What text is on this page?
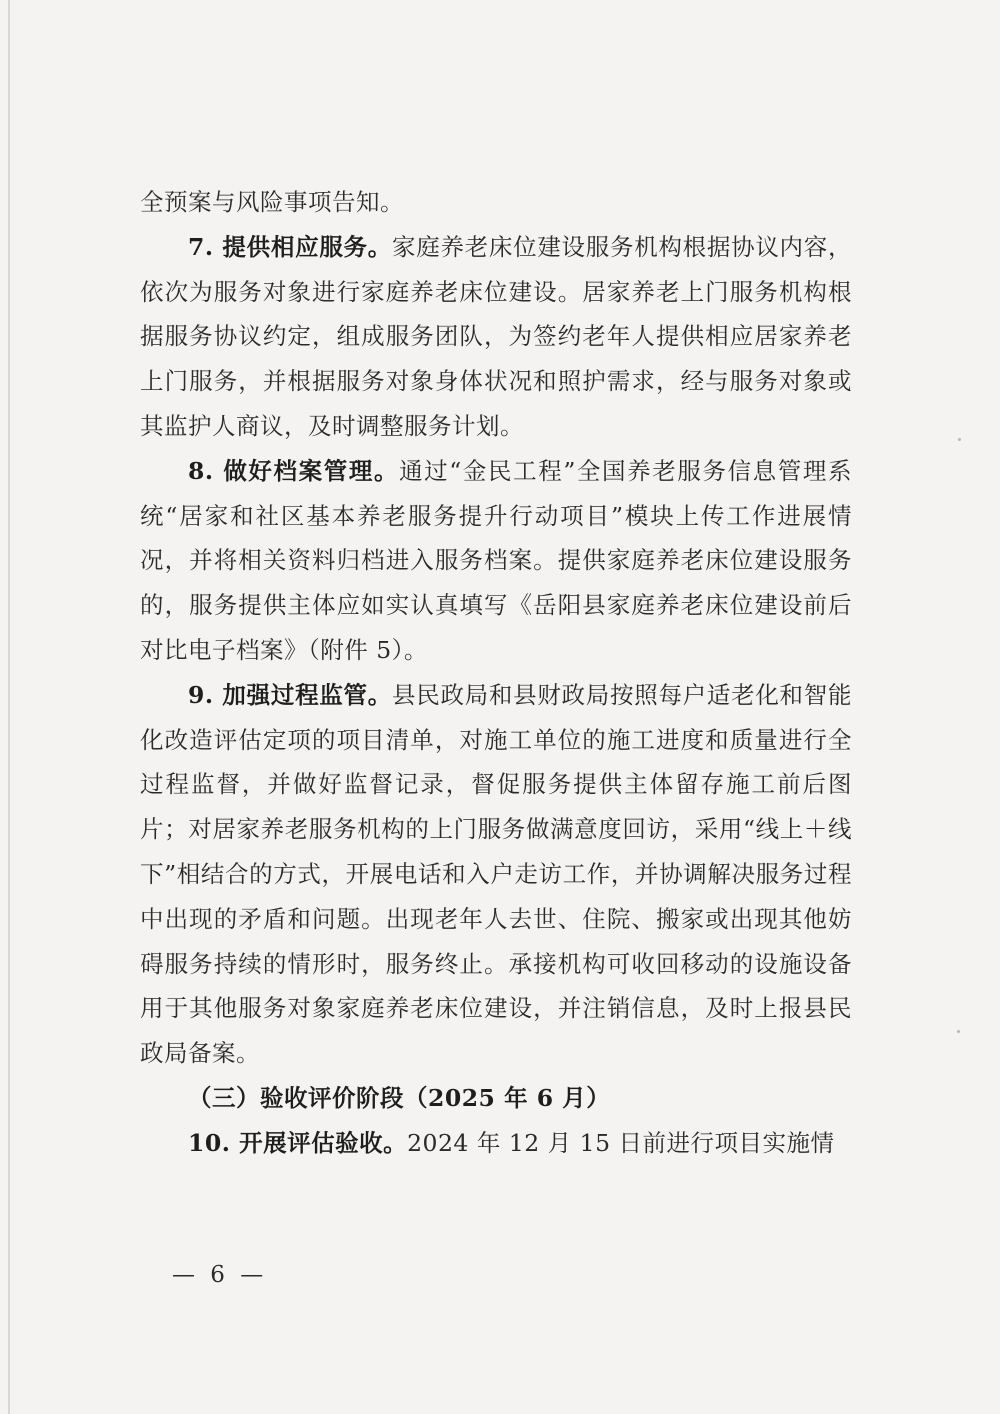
全预案与风险事项告知。

7. 提供相应服务。家庭养老床位建设服务机构根据协议内容，依次为服务对象进行家庭养老床位建设。居家养老上门服务机构根据服务协议约定，组成服务团队，为签约老年人提供相应居家养老上门服务，并根据服务对象身体状况和照护需求，经与服务对象或其监护人商议，及时调整服务计划。

8. 做好档案管理。通过“金民工程”全国养老服务信息管理系统“居家和社区基本养老服务提升行动项目”模块上传工作进展情况，并将相关资料归档进入服务档案。提供家庭养老床位建设服务的，服务提供主体应如实认真填写《岳阳县家庭养老床位建设前后对比电子档案》（附件 5）。

9. 加强过程监管。县民政局和县财政局按照每户适老化和智能化改造评估定项的项目清单，对施工单位的施工进度和质量进行全过程监督，并做好监督记录，督促服务提供主体留存施工前后图片；对居家养老服务机构的上门服务做满意度回访，采用“线上＋线下”相结合的方式，开展电话和入户走访工作，并协调解决服务过程中出现的矛盾和问题。出现老年人去世、住院、搬家或出现其他妨碍服务持续的情形时，服务终止。承接机构可收回移动的设施设备用于其他服务对象家庭养老床位建设，并注销信息，及时上报县民政局备案。

（三）验收评价阶段（2025 年 6 月）

10. 开展评估验收。2024 年 12 月 15 日前进行项目实施情

— 6 —
